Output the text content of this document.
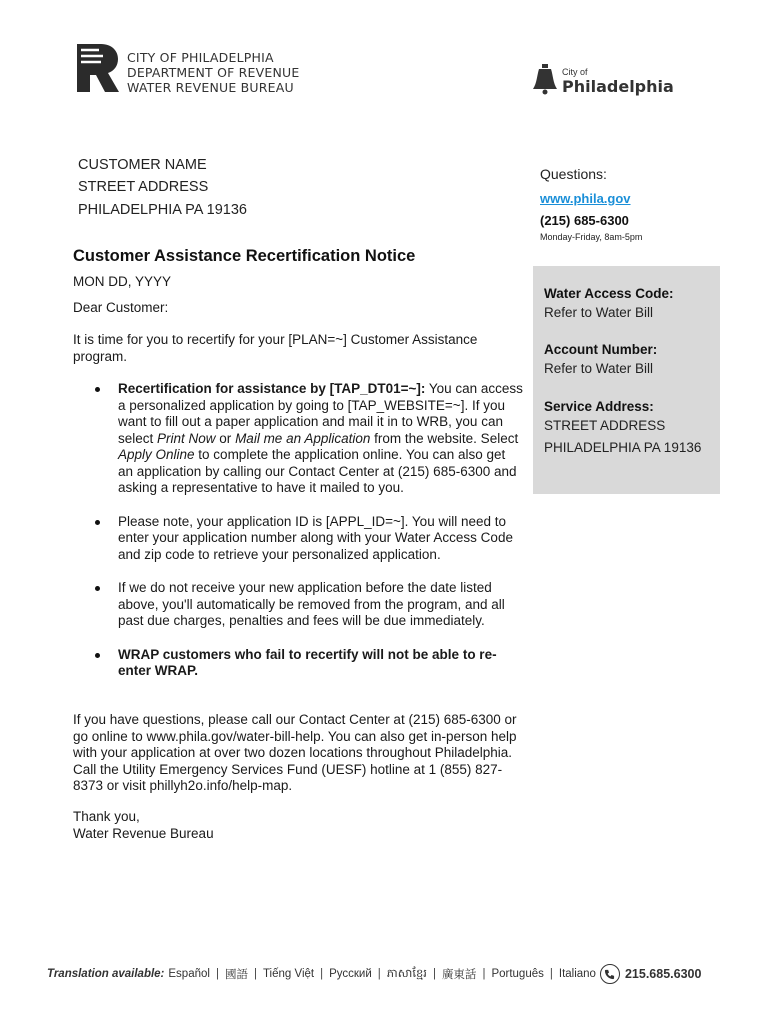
CITY OF PHILADELPHIA
DEPARTMENT OF REVENUE
WATER REVENUE BUREAU
City of
Philadelphia
CUSTOMER NAME
STREET ADDRESS
PHILADELPHIA PA 19136
Questions:
www.phila.gov
(215) 685-6300
Monday-Friday, 8am-5pm
Water Access Code:
Refer to Water Bill
Account Number:
Refer to Water Bill
Service Address:
STREET ADDRESS
PHILADELPHIA PA 19136
Customer Assistance Recertification Notice
MON DD, YYYY
Dear Customer:
It is time for you to recertify for your [PLAN=~] Customer Assistance program.
Recertification for assistance by [TAP_DT01=~]: You can access a personalized application by going to [TAP_WEBSITE=~]. If you want to fill out a paper application and mail it in to WRB, you can select Print Now or Mail me an Application from the website. Select Apply Online to complete the application online. You can also get an application by calling our Contact Center at (215) 685-6300 and asking a representative to have it mailed to you.
Please note, your application ID is [APPL_ID=~]. You will need to enter your application number along with your Water Access Code and zip code to retrieve your personalized application.
If we do not receive your new application before the date listed above, you'll automatically be removed from the program, and all past due charges, penalties and fees will be due immediately.
WRAP customers who fail to recertify will not be able to re-enter WRAP.
If you have questions, please call our Contact Center at (215) 685-6300 or go online to www.phila.gov/water-bill-help. You can also get in-person help with your application at over two dozen locations throughout Philadelphia. Call the Utility Emergency Services Fund (UESF) hotline at 1 (855) 827-8373 or visit phillyh2o.info/help-map.
Thank you,
Water Revenue Bureau
Translation available: Español | 國語 | Tiếng Việt | Русский | ភាសាខ្មែរ | 廣東話 | Português | Italiano 215.685.6300
